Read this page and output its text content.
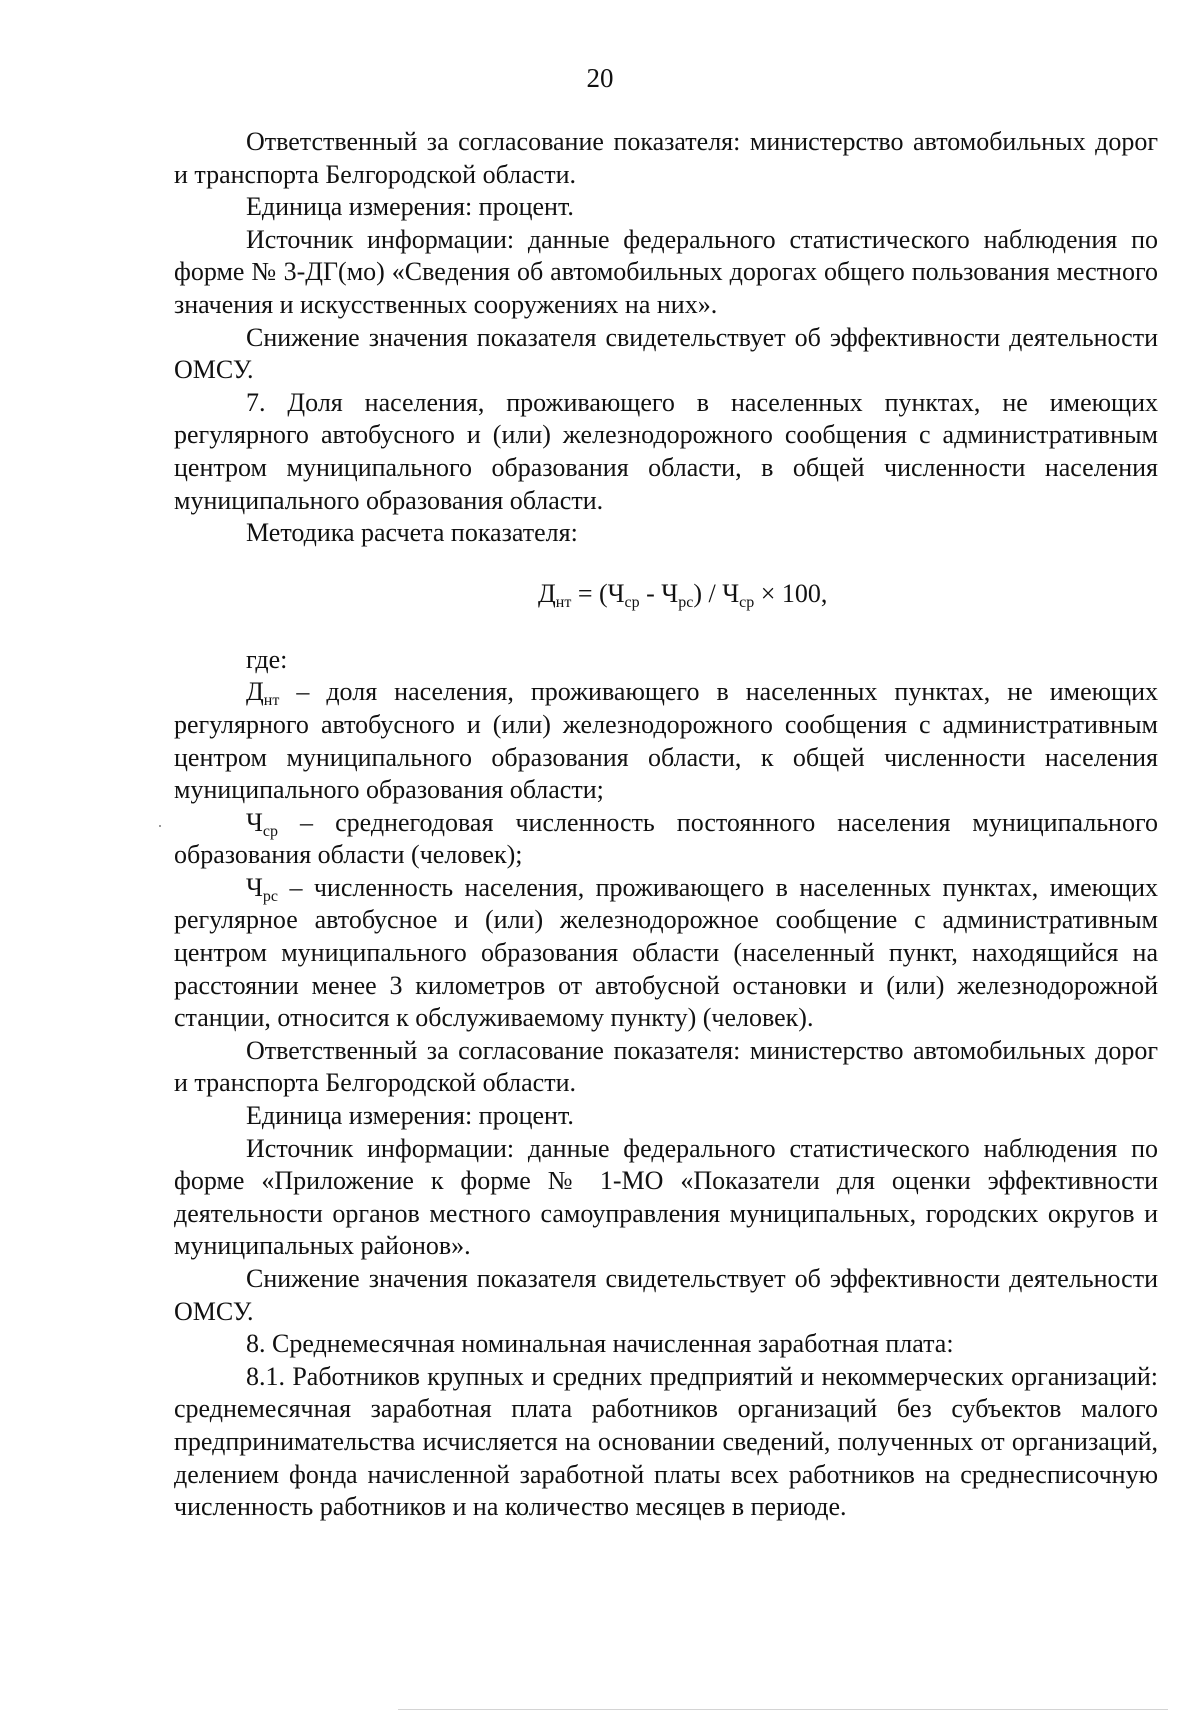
20

Ответственный за согласование показателя: министерство автомобильных дорог и транспорта Белгородской области.

Единица измерения: процент.

Источник информации: данные федерального статистического наблюдения по форме № 3-ДГ(мо) «Сведения об автомобильных дорогах общего пользования местного значения и искусственных сооружениях на них».

Снижение значения показателя свидетельствует об эффективности деятельности ОМСУ.

7. Доля населения, проживающего в населенных пунктах, не имеющих регулярного автобусного и (или) железнодорожного сообщения с административным центром муниципального образования области, в общей численности населения муниципального образования области.

Методика расчета показателя:

$Д_{нт} = (Ч_{ср} - Ч_{рс}) / Ч_{ср} \times 100$,

где:

$Д_{нт}$ – доля населения, проживающего в населенных пунктах, не имеющих регулярного автобусного и (или) железнодорожного сообщения с административным центром муниципального образования области, к общей численности населения муниципального образования области;

$Ч_{ср}$ – среднегодовая численность постоянного населения муниципального образования области (человек);

$Ч_{рс}$ – численность населения, проживающего в населенных пунктах, имеющих регулярное автобусное и (или) железнодорожное сообщение с административным центром муниципального образования области (населенный пункт, находящийся на расстоянии менее 3 километров от автобусной остановки и (или) железнодорожной станции, относится к обслуживаемому пункту) (человек).

Ответственный за согласование показателя: министерство автомобильных дорог и транспорта Белгородской области.

Единица измерения: процент.

Источник информации: данные федерального статистического наблюдения по форме «Приложение к форме № 1-МО «Показатели для оценки эффективности деятельности органов местного самоуправления муниципальных, городских округов и муниципальных районов».

Снижение значения показателя свидетельствует об эффективности деятельности ОМСУ.

8. Среднемесячная номинальная начисленная заработная плата:

8.1. Работников крупных и средних предприятий и некоммерческих организаций: среднемесячная заработная плата работников организаций без субъектов малого предпринимательства исчисляется на основании сведений, полученных от организаций, делением фонда начисленной заработной платы всех работников на среднесписочную численность работников и на количество месяцев в периоде.
